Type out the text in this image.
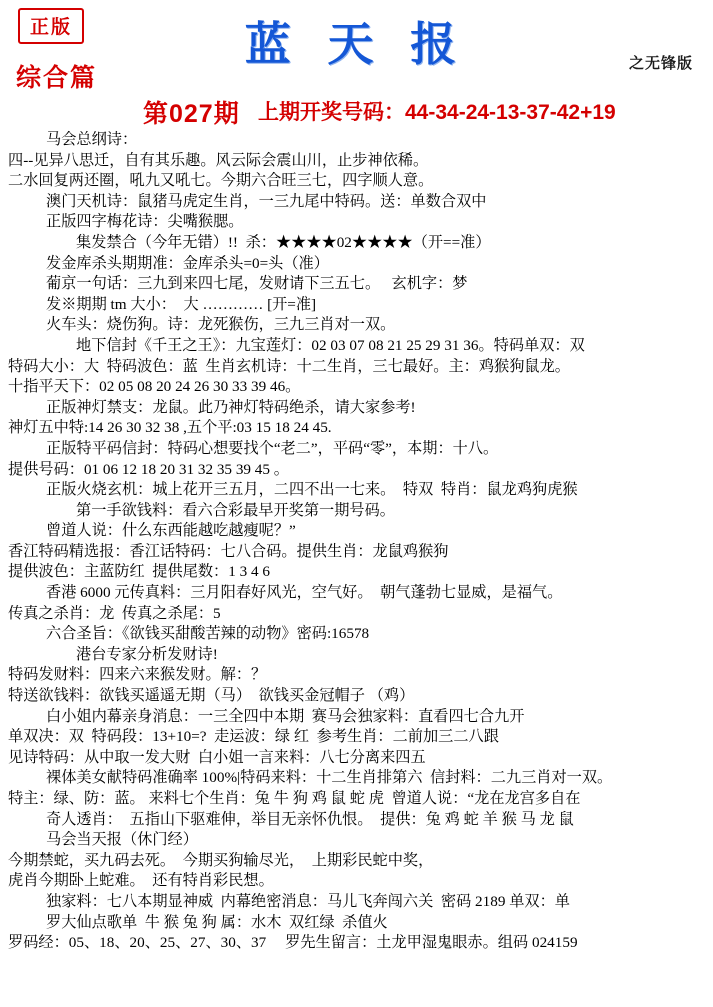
正版	蓝 天 报	之无锋版
综合篇
第027期 上期开奖号码：44-34-24-13-37-42+19
马会总纲诗：
四--见异八思迁，自有其乐趣。风云际会震山川，止步神依稀。
二水回复两还圈，吼九又吼七。今期六合旺三七，四字顺人意。
澳门天机诗：鼠猪马虎定生肖，一三九尾中特码。送：单数合双中
正版四字梅花诗：尖嘴猴腮。
集发禁合（今年无错）!!  杀：★★★★02★★★★（开==准）
发金库杀头期期准：金库杀头=0=头（准）
葡京一句话：三九到来四七尾，发财请下三五七。   玄机字：梦
发※期期 tm 大小：  大 ………… [开=准]
火车头：烧伤狗。诗：龙死猴伤，三九三肖对一双。
地下信封《千王之王》：九宝莲灯：02 03 07 08 21 25 29 31 36。特码单双：双
特码大小：大  特码波色：蓝  生肖玄机诗：十二生肖，三七最好。主：鸡猴狗鼠龙。
十指平天下：02 05 08 20 24 26 30 33 39 46。
正版神灯禁支：龙鼠。此乃神灯特码绝杀，请大家参考!
神灯五中特:14 26 30 32 38 ,五个平:03 15 18 24 45.
正版特平码信封：特码心想要找个“老二”，平码“零”，本期：十八。
提供号码：01 06 12 18 20 31 32 35 39 45 。
正版火烧玄机：城上花开三五月，二四不出一七来。  特双  特肖：鼠龙鸡狗虎猴
第一手欲钱料：看六合彩最早开奖第一期号码。
曾道人说：什么东西能越吃越瘦呢？”
香江特码精选报：香江话特码：七八合码。提供生肖：龙鼠鸡猴狗
提供波色：主蓝防红  提供尾数：1 3 4 6
香港 6000 元传真料：三月阳春好风光，空气好。  朝气蓬勃七显威，是福气。
传真之杀肖：龙  传真之杀尾：5
六合圣旨：《欲钱买甜酸苦辣的动物》密码:16578
港台专家分析发财诗!
特码发财料：四来六来猴发财。解：？
特送欲钱料：欲钱买遥遥无期（马）  欲钱买金冠帽子 （鸡）
白小姐内幕亲身消息：一三全四中本期  赛马会独家料：直看四七合九开
单双决：双  特码段：13+10=?  走运波：绿 红  参考生肖：二前加三二八跟
见诗特码：从中取一发大财  白小姐一言来料：八七分离来四五
裸体美女献特码准确率 100%|特码来料：十二生肖排第六  信封料：二九三肖对一双。
特主：绿、防：蓝。 来料七个生肖：兔 牛 狗 鸡 鼠 蛇 虎  曾道人说：“龙在龙宫多自在
奇人透肖：  五指山下驱难伸，举目无亲怀仇恨。  提供：兔 鸡 蛇 羊 猴 马 龙 鼠
马会当天报（休门经）
今期禁蛇，买九码去死。  今期买狗输尽光，  上期彩民蛇中奖，
虎肖今期卧上蛇难。  还有特肖彩民想。
独家料：七八本期显神威  内幕绝密消息：马儿飞奔闯六关  密码 2189 单双：单
罗大仙点歌单  牛 猴 兔 狗 属：水木  双红绿  杀值火
罗码经：05、18、20、25、27、30、37     罗先生留言：土龙甲湿鬼眼赤。组码 024159
